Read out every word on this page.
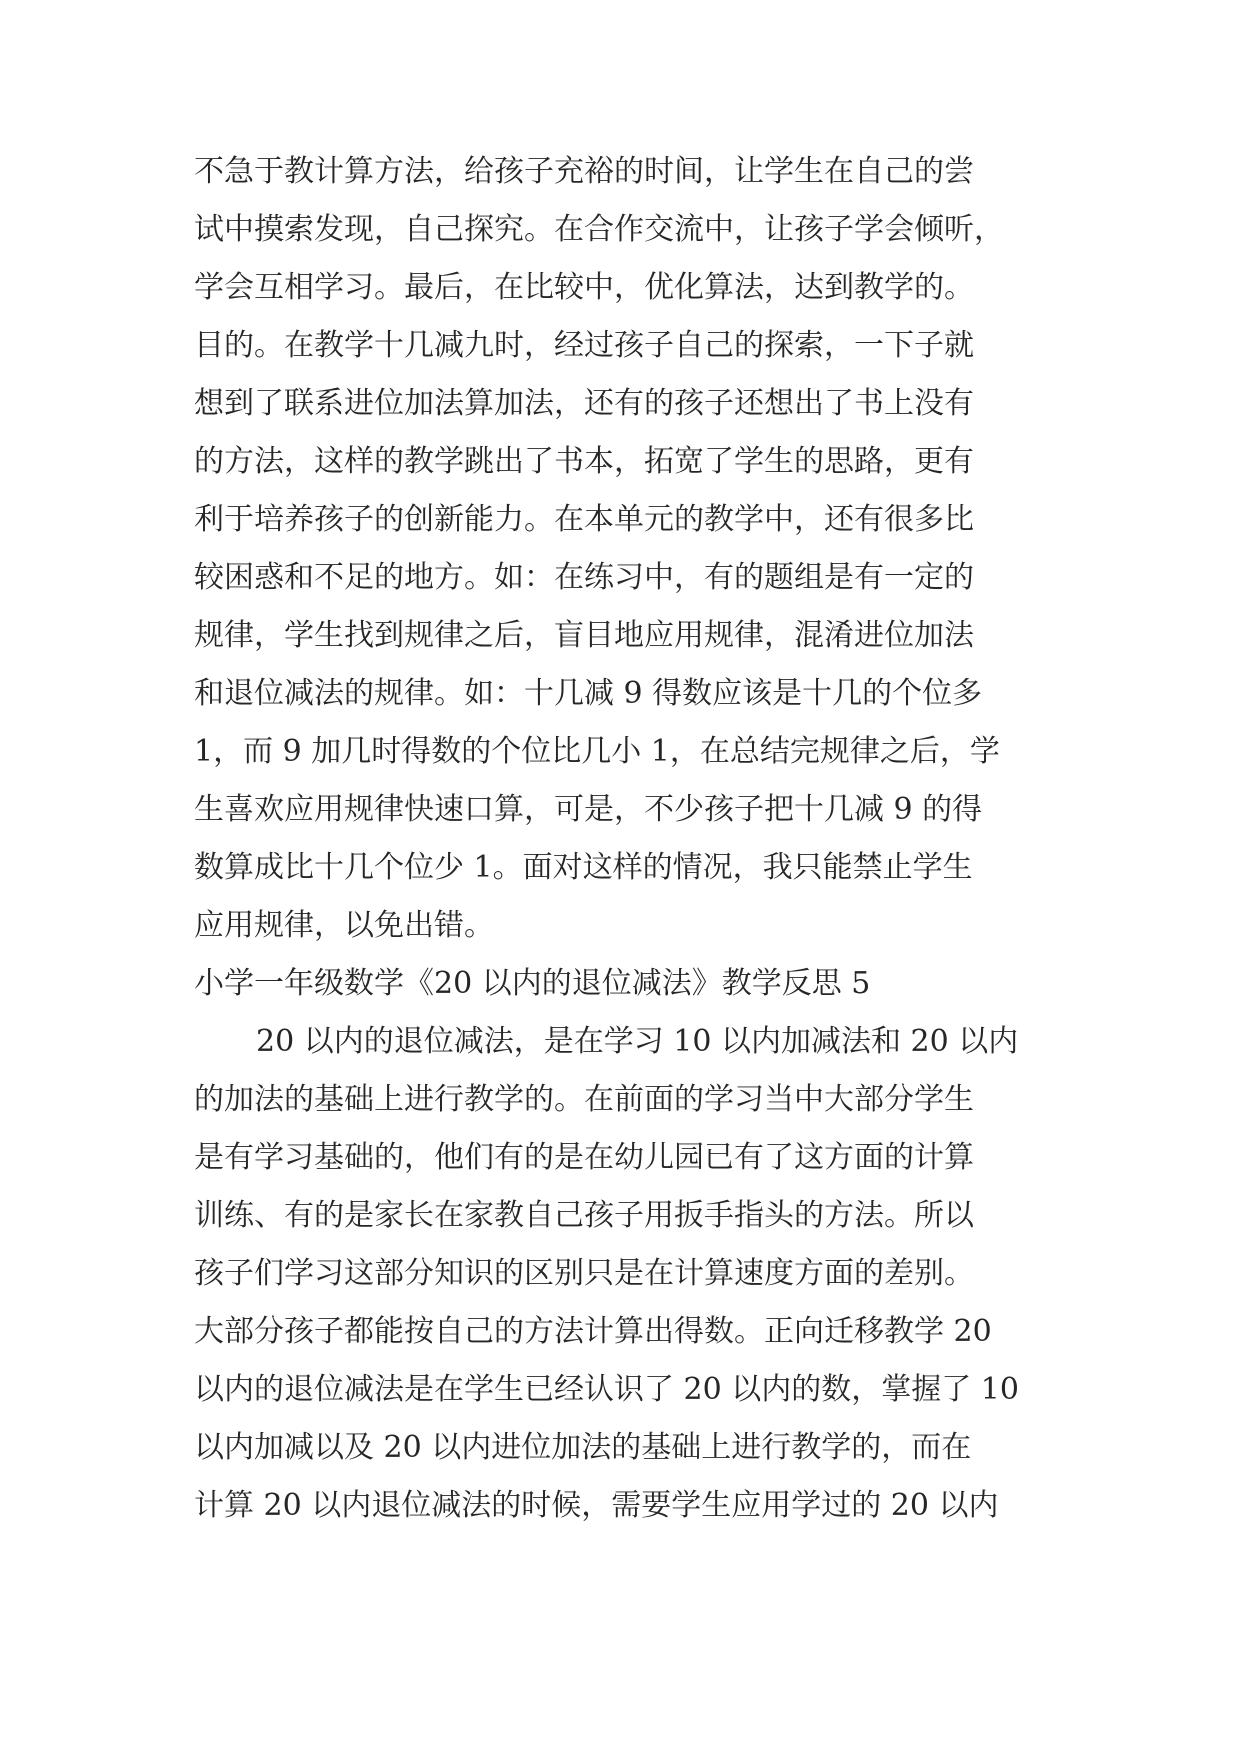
不急于教计算方法，给孩子充裕的时间，让学生在自己的尝
试中摸索发现，自己探究。在合作交流中，让孩子学会倾听，
学会互相学习。最后，在比较中，优化算法，达到教学的。
目的。在教学十几减九时，经过孩子自己的探索，一下子就
想到了联系进位加法算加法，还有的孩子还想出了书上没有
的方法，这样的教学跳出了书本，拓宽了学生的思路，更有
利于培养孩子的创新能力。在本单元的教学中，还有很多比
较困惑和不足的地方。如：在练习中，有的题组是有一定的
规律，学生找到规律之后，盲目地应用规律，混淆进位加法
和退位减法的规律。如：十几减 9 得数应该是十几的个位多
1，而 9 加几时得数的个位比几小 1，在总结完规律之后，学
生喜欢应用规律快速口算，可是，不少孩子把十几减 9 的得
数算成比十几个位少 1。面对这样的情况，我只能禁止学生
应用规律，以免出错。
小学一年级数学《20 以内的退位减法》教学反思 5
20 以内的退位减法，是在学习 10 以内加减法和 20 以内
的加法的基础上进行教学的。在前面的学习当中大部分学生
是有学习基础的，他们有的是在幼儿园已有了这方面的计算
训练、有的是家长在家教自己孩子用扳手指头的方法。所以
孩子们学习这部分知识的区别只是在计算速度方面的差别。
大部分孩子都能按自己的方法计算出得数。正向迁移教学 20
以内的退位减法是在学生已经认识了 20 以内的数，掌握了 10
以内加减以及 20 以内进位加法的基础上进行教学的，而在
计算 20 以内退位减法的时候，需要学生应用学过的 20 以内
